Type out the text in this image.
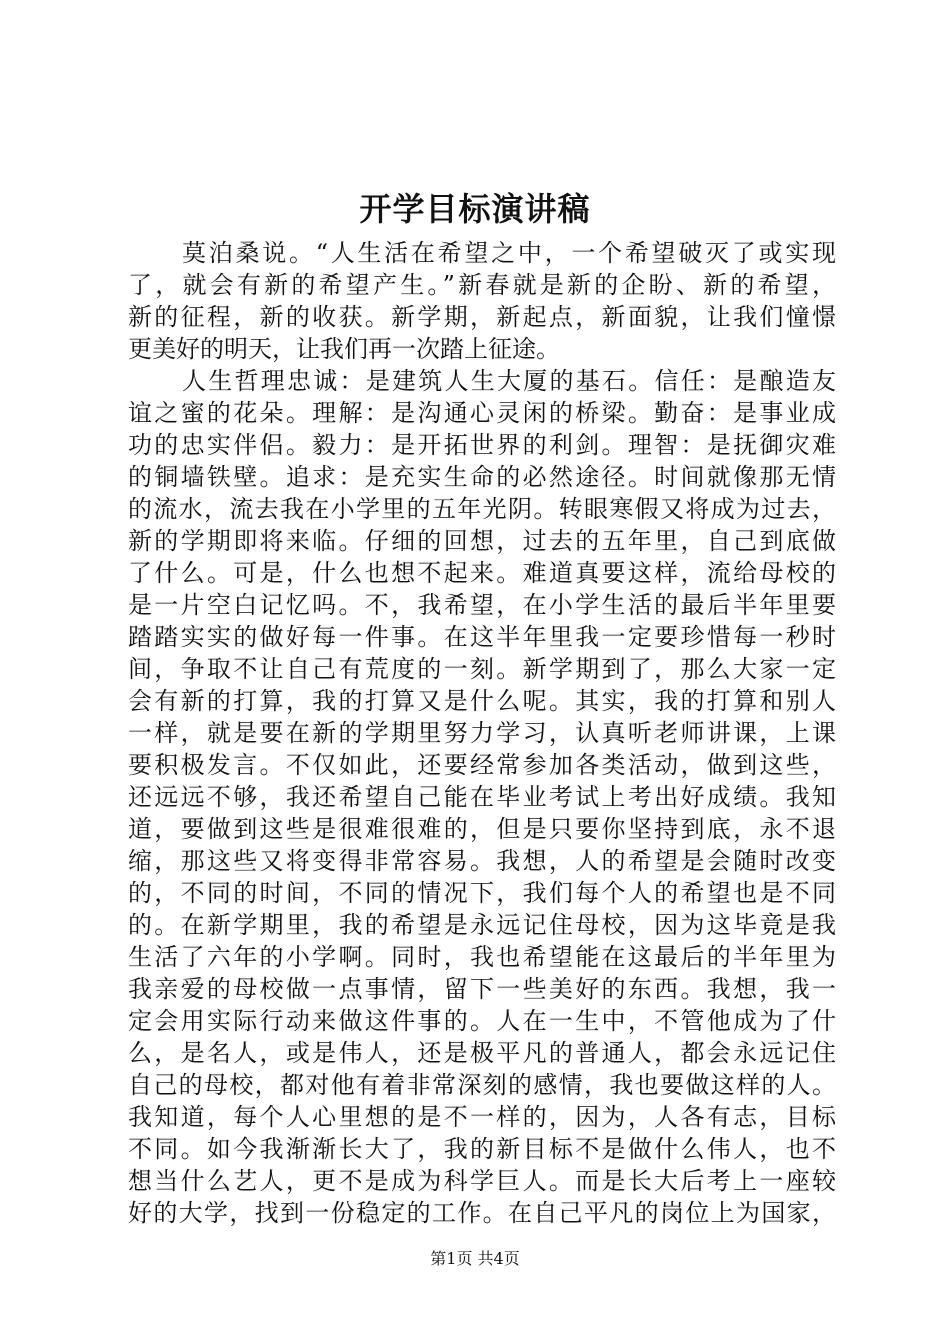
开学目标演讲稿
莫泊桑说。“人生活在希望之中，一个希望破灭了或实现
了，就会有新的希望产生。”新春就是新的企盼、新的希望，
新的征程，新的收获。新学期，新起点，新面貌，让我们憧憬
更美好的明天，让我们再一次踏上征途。
人生哲理忠诚：是建筑人生大厦的基石。信任：是酿造友
谊之蜜的花朵。理解：是沟通心灵闲的桥梁。勤奋：是事业成
功的忠实伴侣。毅力：是开拓世界的利剑。理智：是抚御灾难
的铜墙铁壁。追求：是充实生命的必然途径。时间就像那无情
的流水，流去我在小学里的五年光阴。转眼寒假又将成为过去，
新的学期即将来临。仔细的回想，过去的五年里，自己到底做
了什么。可是，什么也想不起来。难道真要这样，流给母校的
是一片空白记忆吗。不，我希望，在小学生活的最后半年里要
踏踏实实的做好每一件事。在这半年里我一定要珍惜每一秒时
间，争取不让自己有荒度的一刻。新学期到了，那么大家一定
会有新的打算，我的打算又是什么呢。其实，我的打算和别人
一样，就是要在新的学期里努力学习，认真听老师讲课，上课
要积极发言。不仅如此，还要经常参加各类活动，做到这些，
还远远不够，我还希望自己能在毕业考试上考出好成绩。我知
道，要做到这些是很难很难的，但是只要你坚持到底，永不退
缩，那这些又将变得非常容易。我想，人的希望是会随时改变
的，不同的时间，不同的情况下，我们每个人的希望也是不同
的。在新学期里，我的希望是永远记住母校，因为这毕竟是我
生活了六年的小学啊。同时，我也希望能在这最后的半年里为
我亲爱的母校做一点事情，留下一些美好的东西。我想，我一
定会用实际行动来做这件事的。人在一生中，不管他成为了什
么，是名人，或是伟人，还是极平凡的普通人，都会永远记住
自己的母校，都对他有着非常深刻的感情，我也要做这样的人。
我知道，每个人心里想的是不一样的，因为，人各有志，目标
不同。如今我渐渐长大了，我的新目标不是做什么伟人，也不
想当什么艺人，更不是成为科学巨人。而是长大后考上一座较
好的大学，找到一份稳定的工作。在自己平凡的岗位上为国家，
第1页 共4页
